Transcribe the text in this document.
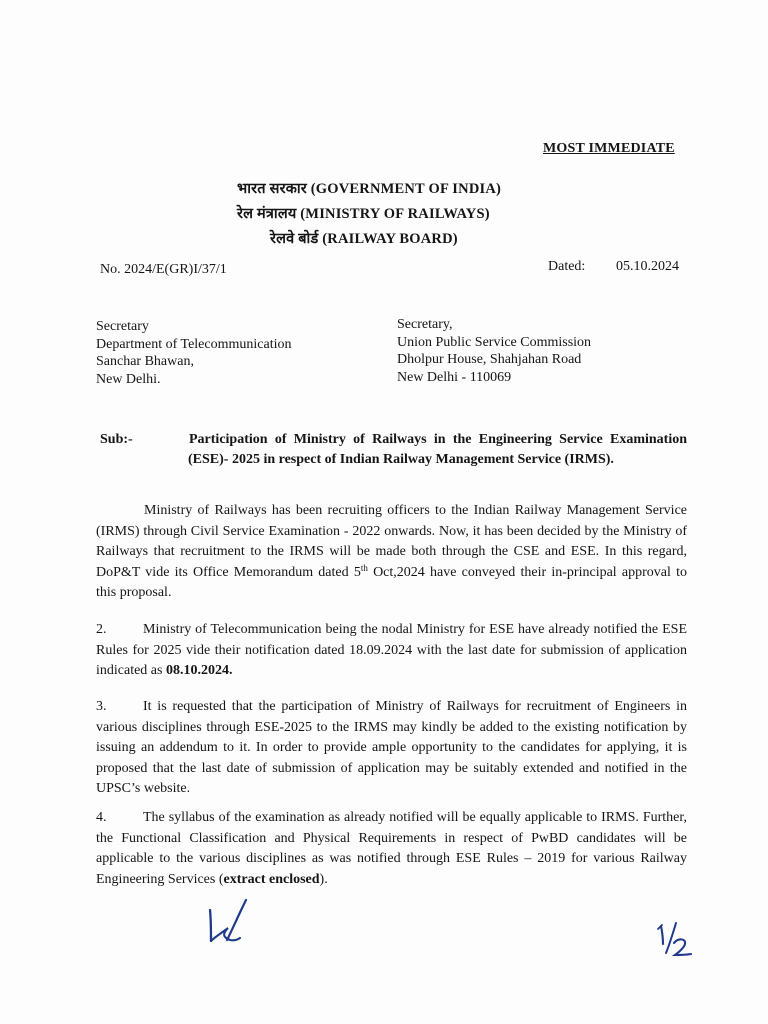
MOST IMMEDIATE
भारत सरकार (GOVERNMENT OF INDIA)
रेल मंत्रालय (MINISTRY OF RAILWAYS)
रेलवे बोर्ड (RAILWAY BOARD)
No. 2024/E(GR)I/37/1	Dated: 05.10.2024
Secretary
Department of Telecommunication
Sanchar Bhawan,
New Delhi.
Secretary,
Union Public Service Commission
Dholpur House, Shahjahan Road
New Delhi - 110069
Sub:-	Participation of Ministry of Railways in the Engineering Service Examination (ESE)- 2025 in respect of Indian Railway Management Service (IRMS).
Ministry of Railways has been recruiting officers to the Indian Railway Management Service (IRMS) through Civil Service Examination - 2022 onwards. Now, it has been decided by the Ministry of Railways that recruitment to the IRMS will be made both through the CSE and ESE. In this regard, DoP&T vide its Office Memorandum dated 5th Oct,2024 have conveyed their in-principal approval to this proposal.
2.	Ministry of Telecommunication being the nodal Ministry for ESE have already notified the ESE Rules for 2025 vide their notification dated 18.09.2024 with the last date for submission of application indicated as 08.10.2024.
3.	It is requested that the participation of Ministry of Railways for recruitment of Engineers in various disciplines through ESE-2025 to the IRMS may kindly be added to the existing notification by issuing an addendum to it. In order to provide ample opportunity to the candidates for applying, it is proposed that the last date of submission of application may be suitably extended and notified in the UPSC’s website.
4.	The syllabus of the examination as already notified will be equally applicable to IRMS. Further, the Functional Classification and Physical Requirements in respect of PwBD candidates will be applicable to the various disciplines as was notified through ESE Rules – 2019 for various Railway Engineering Services (extract enclosed).
